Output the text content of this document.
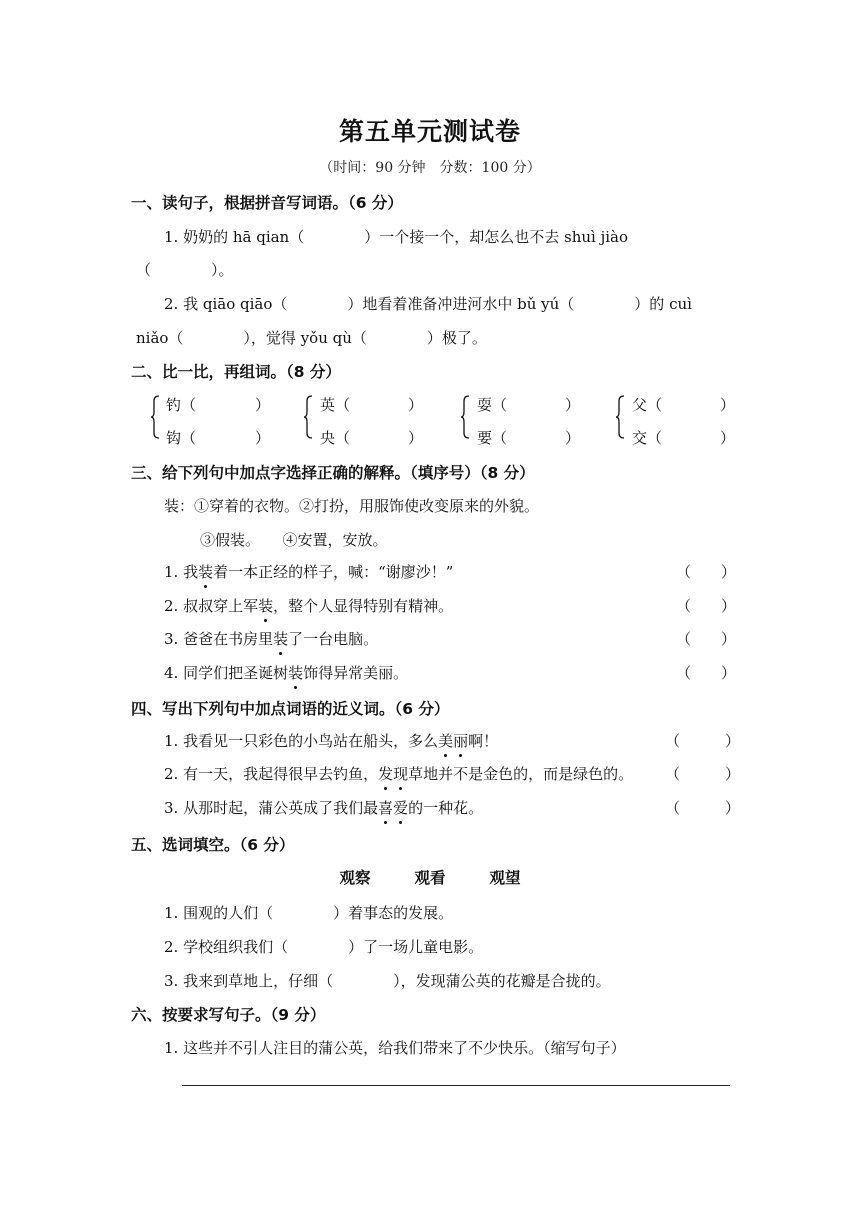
第五单元测试卷
（时间：90 分钟　分数：100 分）
一、读句子，根据拼音写词语。（6 分）
1. 奶奶的 hā qian（　　　　）一个接一个，却怎么也不去 shuì jiào
（　　　　）。
2. 我 qiāo qiāo（　　　　）地看着准备冲进河水中 bǔ yú（　　　　）的 cuì
niǎo（　　　　），觉得 yǒu qù（　　　　）极了。
二、比一比，再组词。（8 分）
钓（	）
钩（	）
英（	）
央（	）
耍（	）
要（	）
父（	）
交（	）
三、给下列句中加点字选择正确的解释。（填序号）（8 分）
装：①穿着的衣物。②打扮，用服饰使改变原来的外貌。
③假装。　　④安置，安放。
1. 我装着一本正经的样子，喊：“谢廖沙！”	（　　）
2. 叔叔穿上军装，整个人显得特别有精神。	（　　）
3. 爸爸在书房里装了一台电脑。	（　　）
4. 同学们把圣诞树装饰得异常美丽。	（　　）
四、写出下列句中加点词语的近义词。（6 分）
1. 我看见一只彩色的小鸟站在船头，多么美丽啊！	（　　　）
2. 有一天，我起得很早去钓鱼，发现草地并不是金色的，而是绿色的。 （　　　）
3. 从那时起，蒲公英成了我们最喜爱的一种花。	（　　　）
五、选词填空。（6 分）
观察	观看	观望
1. 围观的人们（　　　　）着事态的发展。
2. 学校组织我们（　　　　）了一场儿童电影。
3. 我来到草地上，仔细（　　　　），发现蒲公英的花瓣是合拢的。
六、按要求写句子。（9 分）
1. 这些并不引人注目的蒲公英，给我们带来了不少快乐。（缩写句子）
